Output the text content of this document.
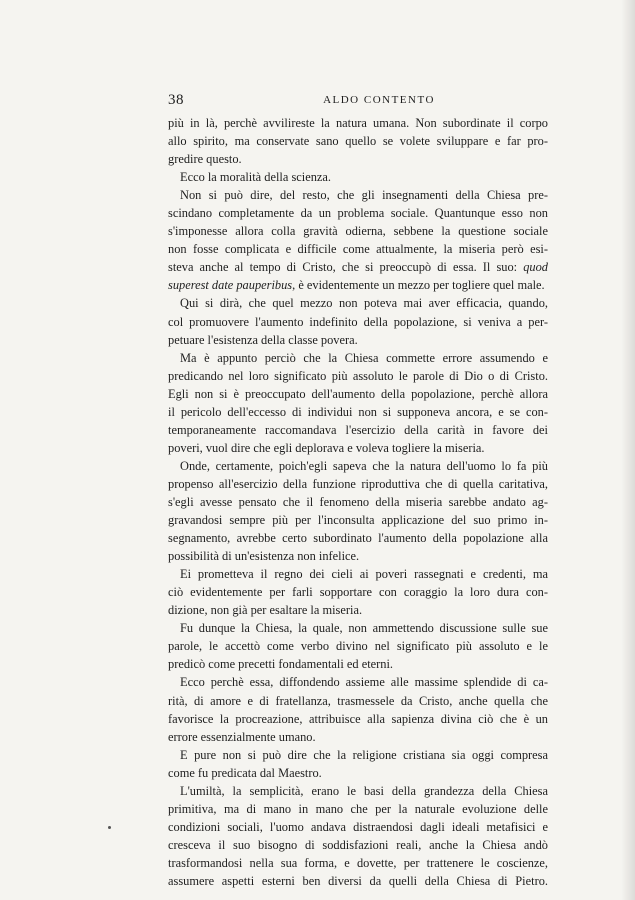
38	ALDO CONTENTO
più in là, perchè avvilireste la natura umana. Non subordinate il corpo
allo spirito, ma conservate sano quello se volete svilupparе e far pro-
gredire questo.
Ecco la moralità della scienza.
Non si può dire, del resto, che gli insegnamenti della Chiesa pre-
scindano completamente da un problema sociale. Quantunque esso non
s'imponesse allora colla gravità odierna, sebbene la questione sociale
non fosse complicata e difficile come attualmente, la miseria però esi-
steva anche al tempo di Cristo, che si preoccupò di essa. Il suo: quod
superest date pauperibus, è evidentemente un mezzo per togliere quel male.
Qui si dirà, che quel mezzo non poteva mai aver efficacia, quando,
col promuovere l'aumento indefinito della popolazione, si veniva a per-
petuare l'esistenza della classe povera.
Ma è appunto perciò che la Chiesa commette errore assumendo e
predicando nel loro significato più assoluto le parole di Dio o di Cristo.
Egli non si è preoccupato dell'aumento della popolazione, perchè allora
il pericolo dell'eccesso di individui non si supponeva ancora, e se con-
temporaneamente raccomandava l'esercizio della carità in favore dei
poveri, vuol dire che egli deplorava e voleva togliere la miseria.
Onde, certamente, poich'egli sapeva che la natura dell'uomo lo fa più
propenso all'esercizio della funzione riproduttiva che di quella caritativa,
s'egli avesse pensato che il fenomeno della miseria sarebbe andato ag-
gravandosi sempre più per l'inconsulta applicazione del suo primo in-
segnamento, avrebbe certo subordinato l'aumento della popolazione alla
possibilità di un'esistenza non infelice.
Ei prometteva il regno dei cieli ai poveri rassegnati e credenti, ma
ciò evidentemente per farli sopportare con coraggio la loro dura con-
dizione, non già per esaltare la miseria.
Fu dunque la Chiesa, la quale, non ammettendo discussione sulle sue
parole, le accettò come verbo divino nel significato più assoluto e le
predicò come precetti fondamentali ed eterni.
Ecco perchè essa, diffondendo assieme alle massime splendide di ca-
rità, di amore e di fratellanza, trasmessele da Cristo, anche quella che
favorisce la procreazione, attribuisce alla sapienza divina ciò che è un
errore essenzialmente umano.
E pure non si può dire che la religione cristiana sia oggi compresa
come fu predicata dal Maestro.
L'umiltà, la semplicità, erano le basi della grandezza della Chiesa
primitiva, ma di mano in mano che per la naturale evoluzione delle
condizioni sociali, l'uomo andava distraendosi dagli ideali metafisici e
cresceva il suo bisogno di soddisfazioni reali, anche la Chiesa andò
trasformandosi nella sua forma, e dovette, per trattenere le coscienze,
assumere aspetti esterni ben diversi da quelli della Chiesa di Pietro.
